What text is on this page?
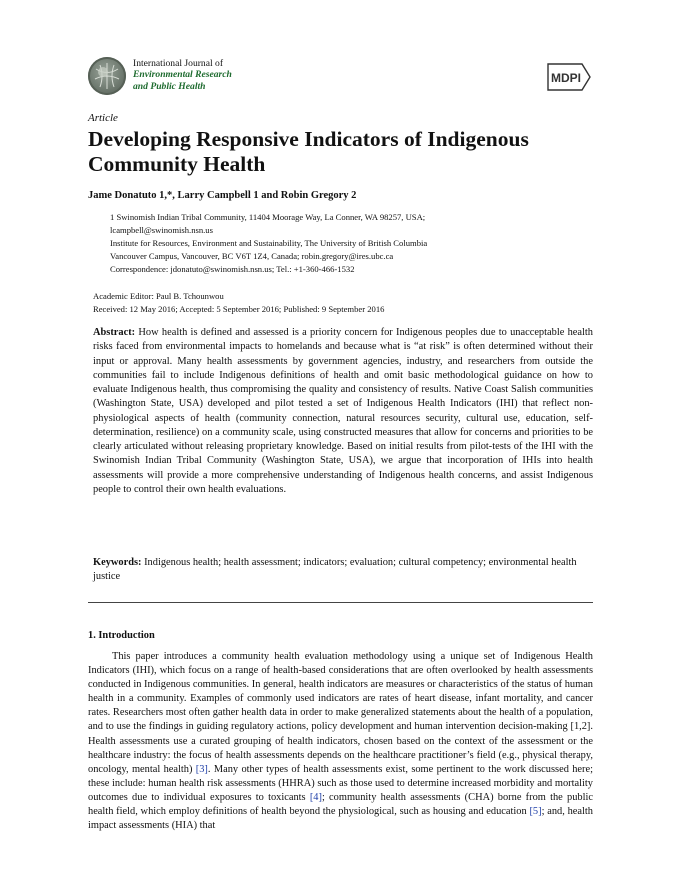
International Journal of
Environmental Research
and Public Health
MDPI
Article
Developing Responsive Indicators of Indigenous Community Health
Jame Donatuto 1,*, Larry Campbell 1 and Robin Gregory 2
1 Swinomish Indian Tribal Community, 11404 Moorage Way, La Conner, WA 98257, USA;
lcampbell@swinomish.nsn.us
Institute for Resources, Environment and Sustainability, The University of British Columbia
Vancouver Campus, Vancouver, BC V6T 1Z4, Canada; robin.gregory@ires.ubc.ca
Correspondence: jdonatuto@swinomish.nsn.us; Tel.: +1-360-466-1532
Academic Editor: Paul B. Tchounwou
Received: 12 May 2016; Accepted: 5 September 2016; Published: 9 September 2016
Abstract: How health is defined and assessed is a priority concern for Indigenous peoples due to unacceptable health risks faced from environmental impacts to homelands and because what is “at risk” is often determined without their input or approval. Many health assessments by government agencies, industry, and researchers from outside the communities fail to include Indigenous definitions of health and omit basic methodological guidance on how to evaluate Indigenous health, thus compromising the quality and consistency of results. Native Coast Salish communities (Washington State, USA) developed and pilot tested a set of Indigenous Health Indicators (IHI) that reflect non-physiological aspects of health (community connection, natural resources security, cultural use, education, self-determination, resilience) on a community scale, using constructed measures that allow for concerns and priorities to be clearly articulated without releasing proprietary knowledge. Based on initial results from pilot-tests of the IHI with the Swinomish Indian Tribal Community (Washington State, USA), we argue that incorporation of IHIs into health assessments will provide a more comprehensive understanding of Indigenous health concerns, and assist Indigenous people to control their own health evaluations.
Keywords: Indigenous health; health assessment; indicators; evaluation; cultural competency; environmental health justice
1. Introduction

This paper introduces a community health evaluation methodology using a unique set of Indigenous Health Indicators (IHI), which focus on a range of health-based considerations that are often overlooked by health assessments conducted in Indigenous communities. In general, health indicators are measures or characteristics of the status of human health in a community. Examples of commonly used indicators are rates of heart disease, infant mortality, and cancer rates. Researchers most often gather health data in order to make generalized statements about the health of a population, and to use the findings in guiding regulatory actions, policy development and human intervention decision-making [1,2]. Health assessments use a curated grouping of health indicators, chosen based on the context of the assessment or the healthcare industry: the focus of health assessments depends on the healthcare practitioner’s field (e.g., physical therapy, oncology, mental health) [3]. Many other types of health assessments exist, some pertinent to the work discussed here; these include: human health risk assessments (HHRA) such as those used to determine increased morbidity and mortality outcomes due to individual exposures to toxicants [4]; community health assessments (CHA) borne from the public health field, which employ definitions of health beyond the physiological, such as housing and education [5]; and, health impact assessments (HIA) that
